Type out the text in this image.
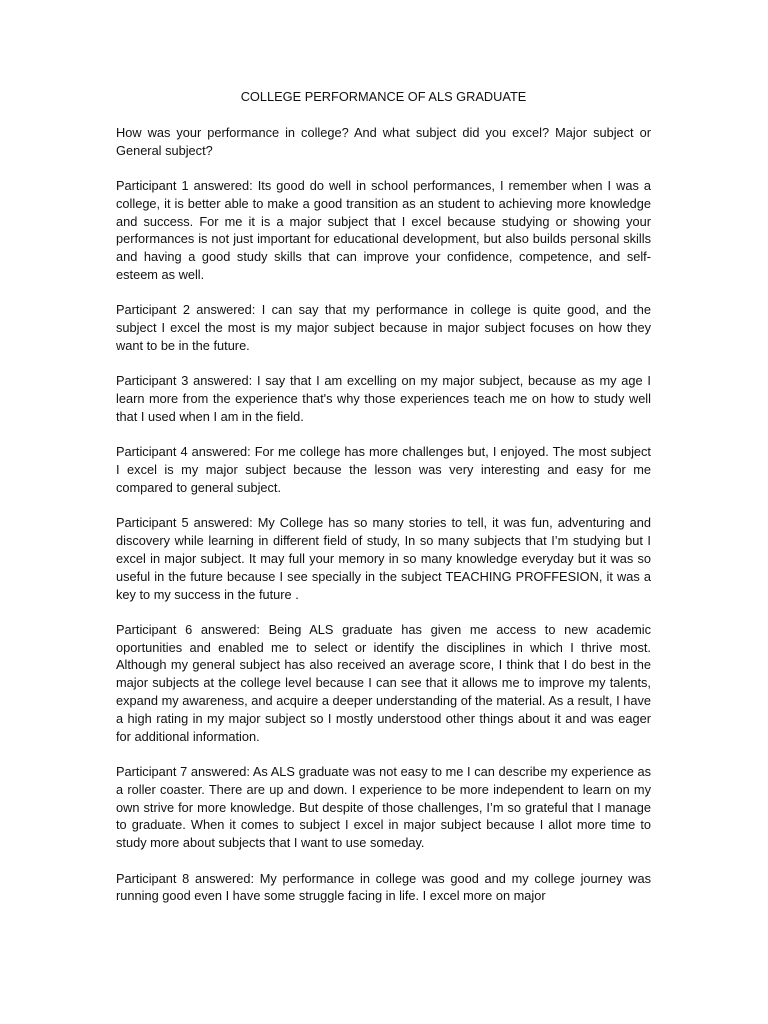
COLLEGE PERFORMANCE OF ALS GRADUATE

How was your performance in college? And what subject did you excel? Major subject or General subject?

Participant 1 answered: Its good do well in school performances, I remember when I was a college, it is better able to make a good transition as an student to achieving more knowledge and success. For me it is a major subject that I excel because studying or showing your performances is not just important for educational development, but also builds personal skills and having a good study skills that can improve your confidence, competence, and self-esteem as well.

Participant 2 answered: I can say that my performance in college is quite good, and the subject I excel the most is my major subject because in major subject focuses on how they want to be in the future.

Participant 3 answered: I say that I am excelling on my major subject, because as my age I learn more from the experience that's why those experiences teach me on how to study well that I used when I am in the field.

Participant 4 answered: For me college has more challenges but, I enjoyed. The most subject I excel is my major subject because the lesson was very interesting and easy for me compared to general subject.

Participant 5 answered: My College has so many stories to tell, it was fun, adventuring and discovery while learning in different field of study, In so many subjects that I’m studying but I excel in major subject. It may full your memory in so many knowledge everyday but it was so useful in the future because I see specially in the subject TEACHING PROFFESION, it was a key to my success in the future .

Participant 6 answered: Being ALS graduate has given me access to new academic oportunities and enabled me to select or identify the disciplines in which I thrive most. Although my general subject has also received an average score, I think that I do best in the major subjects at the college level because I can see that it allows me to improve my talents, expand my awareness, and acquire a deeper understanding of the material. As a result, I have a high rating in my major subject so I mostly understood other things about it and was eager for additional information.

Participant 7 answered: As ALS graduate was not easy to me I can describe my experience as a roller coaster. There are up and down. I experience to be more independent to learn on my own strive for more knowledge. But despite of those challenges, I’m so grateful that I manage to graduate. When it comes to subject I excel in major subject because I allot more time to study more about subjects that I want to use someday.

Participant 8 answered: My performance in college was good and my college journey was running good even I have some struggle facing in life. I excel more on major
